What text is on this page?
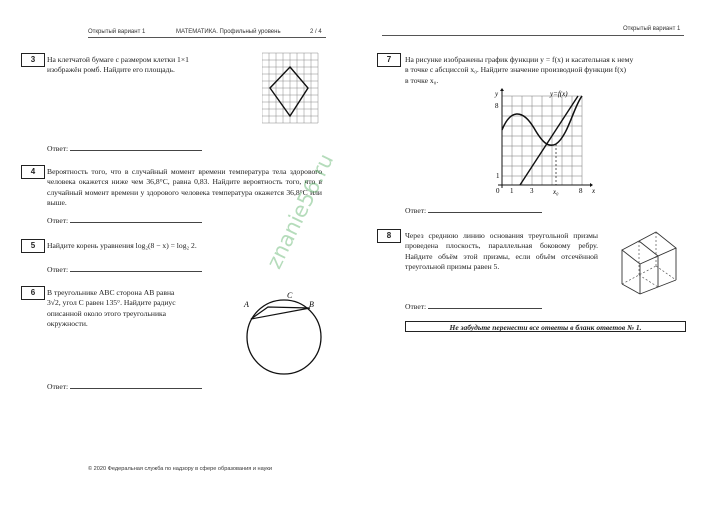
Открытый вариант 1	МАТЕМАТИКА. Профильный уровень	2 / 4	Открытый вариант 1
3	На клетчатой бумаге с размером клетки 1×1 изображён ромб. Найдите его площадь.
Ответ:
4	Вероятность того, что в случайный момент времени температура тела здорового человека окажется ниже чем 36,8°С, равна 0,83. Найдите вероятность того, что в случайный момент времени у здорового человека температура окажется 36,8°С или выше.
Ответ:
5	Найдите корень уравнения log₂(8 − x) = log₂ 2.
Ответ:
6	В треугольнике ABC сторона AB равна 3√2, угол C равен 135°. Найдите радиус описанной около этого треугольника окружности.
A
C
B
Ответ:
7	На рисунке изображены график функции y = f(x) и касательная к нему
в точке с абсциссой x₀. Найдите значение производной функции f(x)
в точке x₀.
y
x
y=f(x)
8
1
0 1 3	x₀	8
Ответ:
8	Через среднюю линию основания треугольной призмы проведена плоскость, параллельная боковому ребру. Найдите объём этой призмы, если объём отсечённой треугольной призмы равен 5.
Ответ:
Не забудьте перенести все ответы в бланк ответов № 1.
© 2020 Федеральная служба по надзору в сфере образования и науки
znanie56.ru
